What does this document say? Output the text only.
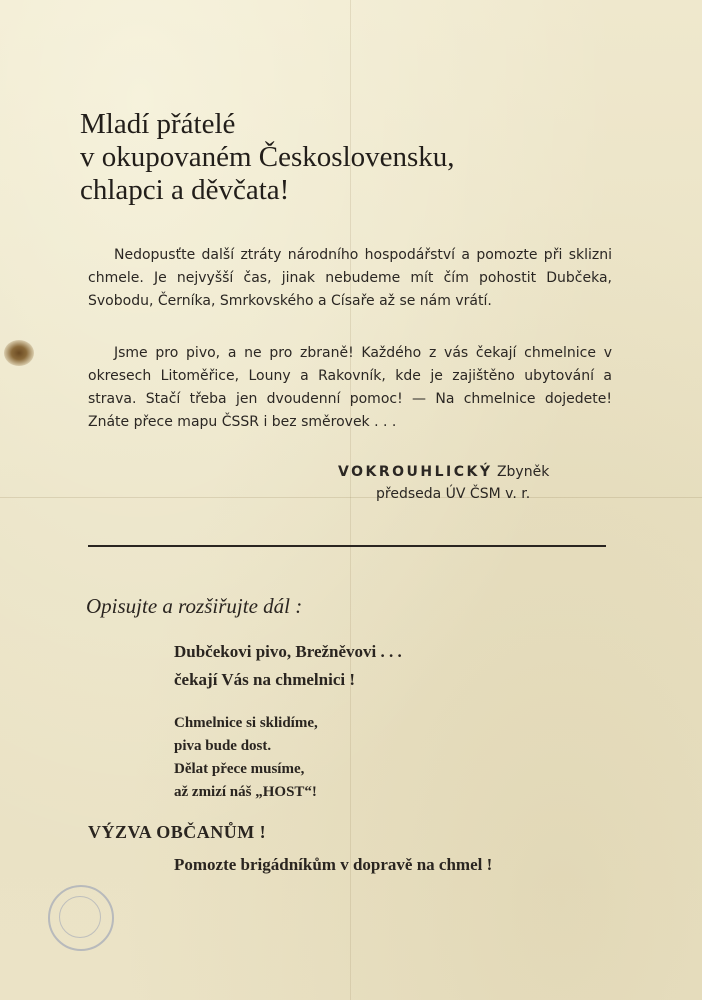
Mladí přátelé
v okupovaném Československu,
chlapci a děvčata!

Nedopusťte další ztráty národního hospodářství a pomozte při sklizni chmele. Je nejvyšší čas, jinak nebudeme mít čím pohostit Dubčeka, Svobodu, Černíka, Smrkovského a Císaře až se nám vrátí.

Jsme pro pivo, a ne pro zbraně! Každého z vás čekají chmelnice v okresech Litoměřice, Louny a Rakovník, kde je zajištěno ubytování a strava. Stačí třeba jen dvoudenní pomoc! — Na chmelnice dojedete! Znáte přece mapu ČSSR i bez směrovek . . .

VOKROUHLICKÝ Zbyněk
předseda ÚV ČSM v. r.
Opisujte a rozšiřujte dál :
Dubčekovi pivo, Brežněvovi . . .
čekají Vás na chmelnici !
Chmelnice si sklidíme,
piva bude dost.
Dělat přece musíme,
až zmizí náš „HOST“!
VÝZVA OBČANŮM !
Pomozte brigádníkům v dopravě na chmel !
